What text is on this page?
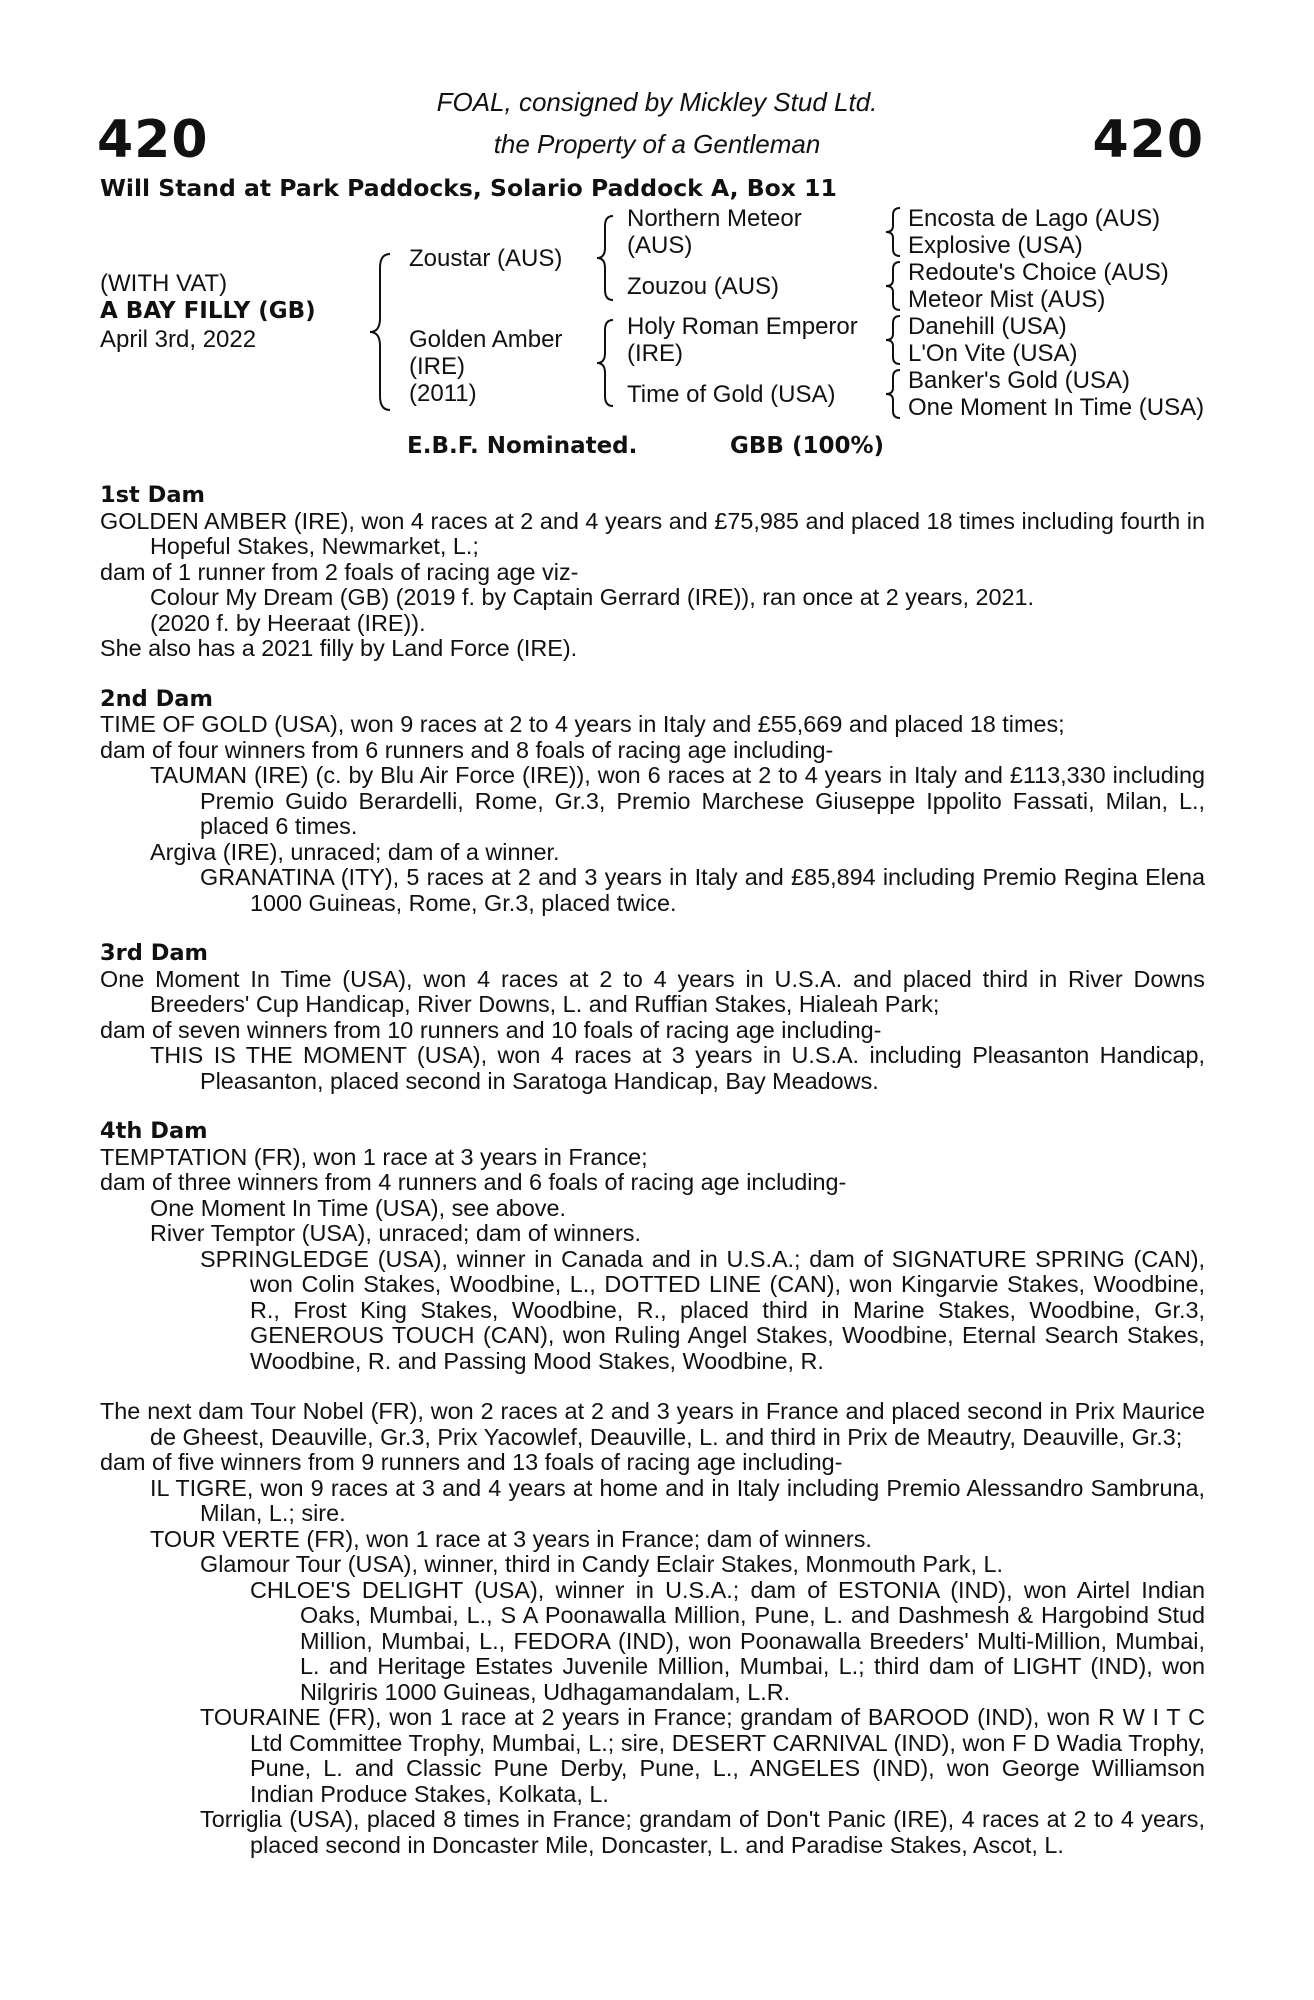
420	420
FOAL, consigned by Mickley Stud Ltd.
the Property of a Gentleman
Will Stand at Park Paddocks, Solario Paddock A, Box 11
(WITH VAT)
A BAY FILLY (GB)
April 3rd, 2022
Zoustar (AUS)
Golden Amber
(IRE)
(2011)
Northern Meteor
(AUS)
Zouzou (AUS)
Holy Roman Emperor
(IRE)
Time of Gold (USA)
Encosta de Lago (AUS)
Explosive (USA)
Redoute's Choice (AUS)
Meteor Mist (AUS)
Danehill (USA)
L'On Vite (USA)
Banker's Gold (USA)
One Moment In Time (USA)
E.B.F. Nominated.	GBB (100%)

1st Dam

GOLDEN AMBER (IRE), won 4 races at 2 and 4 years and £75,985 and placed 18 times including fourth in Hopeful Stakes, Newmarket, L.;

dam of 1 runner from 2 foals of racing age viz-

Colour My Dream (GB) (2019 f. by Captain Gerrard (IRE)), ran once at 2 years, 2021.

(2020 f. by Heeraat (IRE)).

She also has a 2021 filly by Land Force (IRE).

2nd Dam

TIME OF GOLD (USA), won 9 races at 2 to 4 years in Italy and £55,669 and placed 18 times;

dam of four winners from 6 runners and 8 foals of racing age including-

TAUMAN (IRE) (c. by Blu Air Force (IRE)), won 6 races at 2 to 4 years in Italy and £113,330 including Premio Guido Berardelli, Rome, Gr.3, Premio Marchese Giuseppe Ippolito Fassati, Milan, L., placed 6 times.

Argiva (IRE), unraced; dam of a winner.

GRANATINA (ITY), 5 races at 2 and 3 years in Italy and £85,894 including Premio Regina Elena 1000 Guineas, Rome, Gr.3, placed twice.

3rd Dam

One Moment In Time (USA), won 4 races at 2 to 4 years in U.S.A. and placed third in River Downs Breeders' Cup Handicap, River Downs, L. and Ruffian Stakes, Hialeah Park;

dam of seven winners from 10 runners and 10 foals of racing age including-

THIS IS THE MOMENT (USA), won 4 races at 3 years in U.S.A. including Pleasanton Handicap, Pleasanton, placed second in Saratoga Handicap, Bay Meadows.

4th Dam

TEMPTATION (FR), won 1 race at 3 years in France;

dam of three winners from 4 runners and 6 foals of racing age including-

One Moment In Time (USA), see above.

River Temptor (USA), unraced; dam of winners.

SPRINGLEDGE (USA), winner in Canada and in U.S.A.; dam of SIGNATURE SPRING (CAN), won Colin Stakes, Woodbine, L., DOTTED LINE (CAN), won Kingarvie Stakes, Woodbine, R., Frost King Stakes, Woodbine, R., placed third in Marine Stakes, Woodbine, Gr.3, GENEROUS TOUCH (CAN), won Ruling Angel Stakes, Woodbine, Eternal Search Stakes, Woodbine, R. and Passing Mood Stakes, Woodbine, R.

The next dam Tour Nobel (FR), won 2 races at 2 and 3 years in France and placed second in Prix Maurice de Gheest, Deauville, Gr.3, Prix Yacowlef, Deauville, L. and third in Prix de Meautry, Deauville, Gr.3;

dam of five winners from 9 runners and 13 foals of racing age including-

IL TIGRE, won 9 races at 3 and 4 years at home and in Italy including Premio Alessandro Sambruna, Milan, L.; sire.

TOUR VERTE (FR), won 1 race at 3 years in France; dam of winners.

Glamour Tour (USA), winner, third in Candy Eclair Stakes, Monmouth Park, L.

CHLOE'S DELIGHT (USA), winner in U.S.A.; dam of ESTONIA (IND), won Airtel Indian Oaks, Mumbai, L., S A Poonawalla Million, Pune, L. and Dashmesh & Hargobind Stud Million, Mumbai, L., FEDORA (IND), won Poonawalla Breeders' Multi-Million, Mumbai, L. and Heritage Estates Juvenile Million, Mumbai, L.; third dam of LIGHT (IND), won Nilgriris 1000 Guineas, Udhagamandalam, L.R.

TOURAINE (FR), won 1 race at 2 years in France; grandam of BAROOD (IND), won R W I T C Ltd Committee Trophy, Mumbai, L.; sire, DESERT CARNIVAL (IND), won F D Wadia Trophy, Pune, L. and Classic Pune Derby, Pune, L., ANGELES (IND), won George Williamson Indian Produce Stakes, Kolkata, L.

Torriglia (USA), placed 8 times in France; grandam of Don't Panic (IRE), 4 races at 2 to 4 years, placed second in Doncaster Mile, Doncaster, L. and Paradise Stakes, Ascot, L.
